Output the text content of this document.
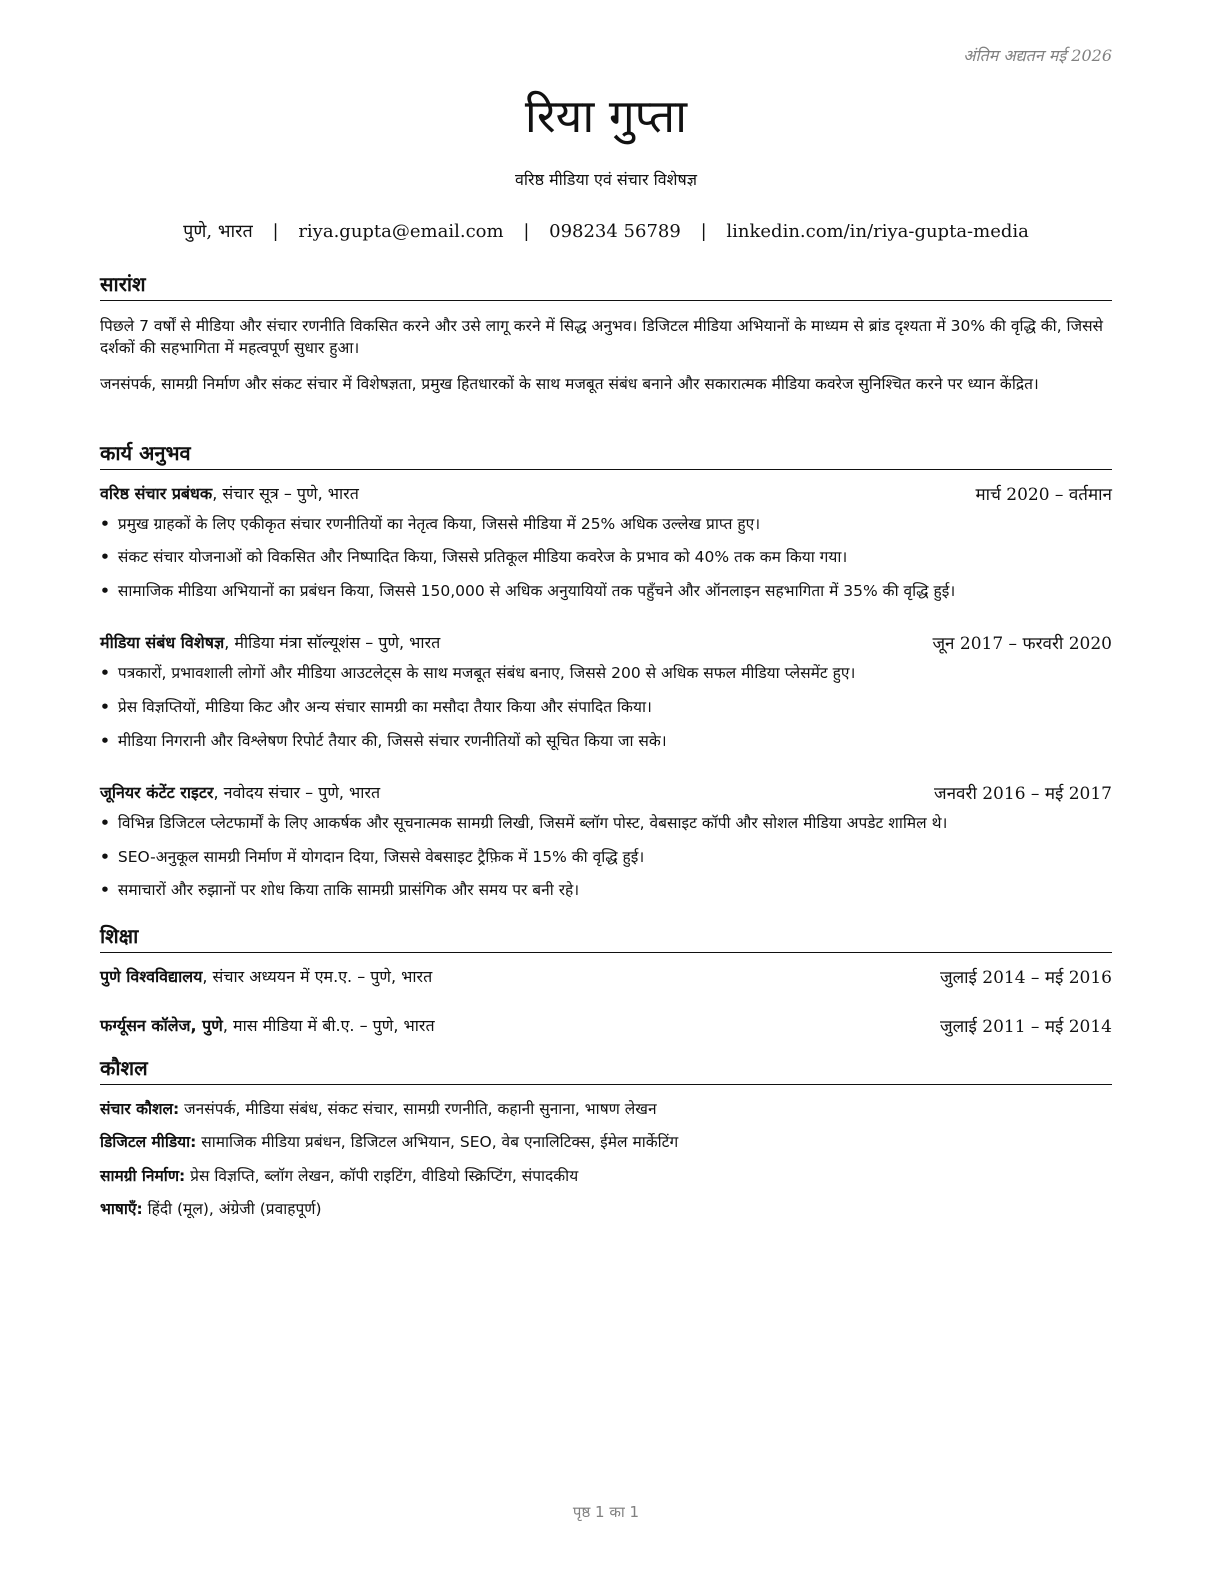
अंतिम अद्यतन मई 2026
रिया गुप्ता
वरिष्ठ मीडिया एवं संचार विशेषज्ञ
पुणे, भारत | riya.gupta@email.com | 098234 56789 | linkedin.com/in/riya-gupta-media
सारांश
पिछले 7 वर्षों से मीडिया और संचार रणनीति विकसित करने और उसे लागू करने में सिद्ध अनुभव। डिजिटल मीडिया अभियानों के माध्यम से ब्रांड दृश्यता में 30% की वृद्धि की, जिससे दर्शकों की सहभागिता में महत्वपूर्ण सुधार हुआ।
जनसंपर्क, सामग्री निर्माण और संकट संचार में विशेषज्ञता, प्रमुख हितधारकों के साथ मजबूत संबंध बनाने और सकारात्मक मीडिया कवरेज सुनिश्चित करने पर ध्यान केंद्रित।
कार्य अनुभव
वरिष्ठ संचार प्रबंधक, संचार सूत्र – पुणे, भारत	मार्च 2020 – वर्तमान
• प्रमुख ग्राहकों के लिए एकीकृत संचार रणनीतियों का नेतृत्व किया, जिससे मीडिया में 25% अधिक उल्लेख प्राप्त हुए।
• संकट संचार योजनाओं को विकसित और निष्पादित किया, जिससे प्रतिकूल मीडिया कवरेज के प्रभाव को 40% तक कम किया गया।
• सामाजिक मीडिया अभियानों का प्रबंधन किया, जिससे 150,000 से अधिक अनुयायियों तक पहुँचने और ऑनलाइन सहभागिता में 35% की वृद्धि हुई।
मीडिया संबंध विशेषज्ञ, मीडिया मंत्रा सॉल्यूशंस – पुणे, भारत	जून 2017 – फरवरी 2020
• पत्रकारों, प्रभावशाली लोगों और मीडिया आउटलेट्स के साथ मजबूत संबंध बनाए, जिससे 200 से अधिक सफल मीडिया प्लेसमेंट हुए।
• प्रेस विज्ञप्तियों, मीडिया किट और अन्य संचार सामग्री का मसौदा तैयार किया और संपादित किया।
• मीडिया निगरानी और विश्लेषण रिपोर्ट तैयार की, जिससे संचार रणनीतियों को सूचित किया जा सके।
जूनियर कंटेंट राइटर, नवोदय संचार – पुणे, भारत	जनवरी 2016 – मई 2017
• विभिन्न डिजिटल प्लेटफार्मों के लिए आकर्षक और सूचनात्मक सामग्री लिखी, जिसमें ब्लॉग पोस्ट, वेबसाइट कॉपी और सोशल मीडिया अपडेट शामिल थे।
• SEO-अनुकूल सामग्री निर्माण में योगदान दिया, जिससे वेबसाइट ट्रैफ़िक में 15% की वृद्धि हुई।
• समाचारों और रुझानों पर शोध किया ताकि सामग्री प्रासंगिक और समय पर बनी रहे।
शिक्षा
पुणे विश्वविद्यालय, संचार अध्ययन में एम.ए. – पुणे, भारत	जुलाई 2014 – मई 2016
फर्ग्यूसन कॉलेज, पुणे, मास मीडिया में बी.ए. – पुणे, भारत	जुलाई 2011 – मई 2014
कौशल
संचार कौशल: जनसंपर्क, मीडिया संबंध, संकट संचार, सामग्री रणनीति, कहानी सुनाना, भाषण लेखन
डिजिटल मीडिया: सामाजिक मीडिया प्रबंधन, डिजिटल अभियान, SEO, वेब एनालिटिक्स, ईमेल मार्केटिंग
सामग्री निर्माण: प्रेस विज्ञप्ति, ब्लॉग लेखन, कॉपी राइटिंग, वीडियो स्क्रिप्टिंग, संपादकीय
भाषाएँ: हिंदी (मूल), अंग्रेजी (प्रवाहपूर्ण)
पृष्ठ 1 का 1
